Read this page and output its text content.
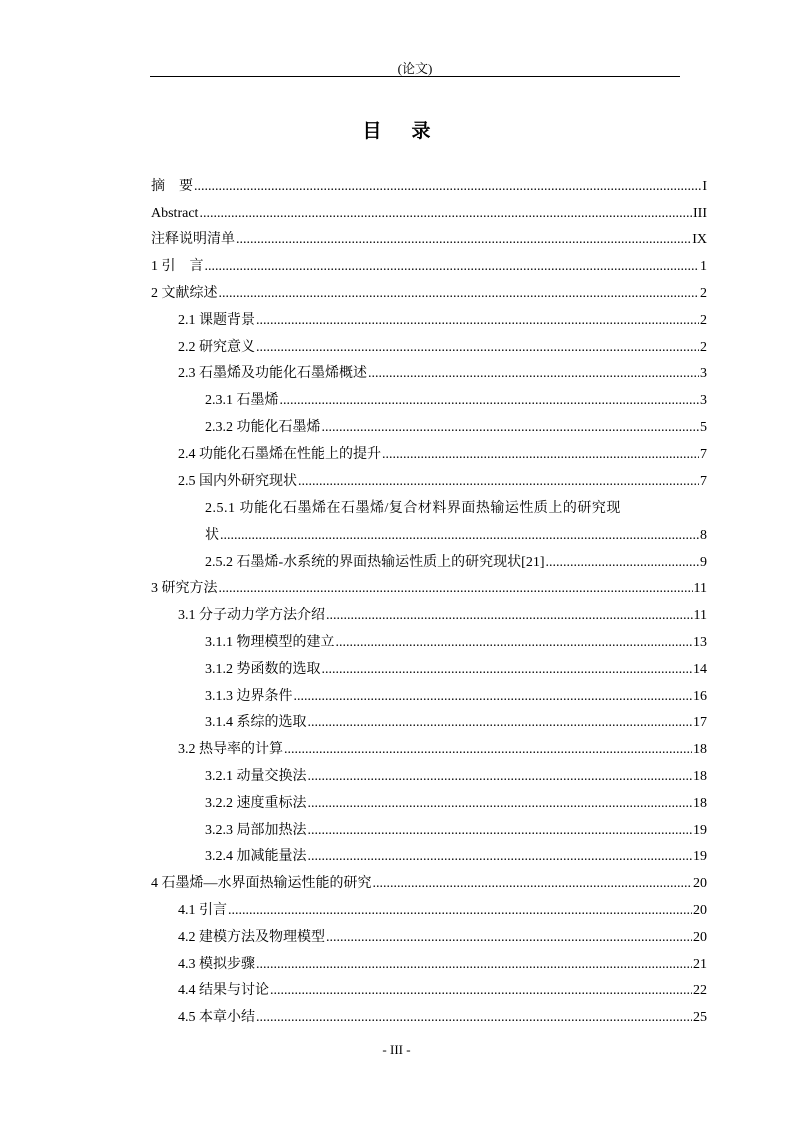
(论文)
目录
摘　要 .....	I
Abstract .....	III
注释说明清单 .....	IX
1 引　言 .....	1
2 文献综述 .....	2
2.1 课题背景 .....	2
2.2 研究意义 .....	2
2.3 石墨烯及功能化石墨烯概述 .....	3
2.3.1 石墨烯 .....	3
2.3.2 功能化石墨烯 .....	5
2.4 功能化石墨烯在性能上的提升 .....	7
2.5 国内外研究现状 .....	7
2.5.1 功能化石墨烯在石墨烯/复合材料界面热输运性质上的研究现
状 .....	8
2.5.2 石墨烯-水系统的界面热输运性质上的研究现状[21] .....	9
3 研究方法 .....	11
3.1 分子动力学方法介绍 .....	11
3.1.1 物理模型的建立 .....	13
3.1.2 势函数的选取 .....	14
3.1.3 边界条件 .....	16
3.1.4 系综的选取 .....	17
3.2 热导率的计算 .....	18
3.2.1 动量交换法 .....	18
3.2.2 速度重标法 .....	18
3.2.3 局部加热法 .....	19
3.2.4 加减能量法 .....	19
4 石墨烯—水界面热输运性能的研究 .....	20
4.1 引言 .....	20
4.2 建模方法及物理模型 .....	20
4.3 模拟步骤 .....	21
4.4 结果与讨论 .....	22
4.5 本章小结 .....	25
- III -
